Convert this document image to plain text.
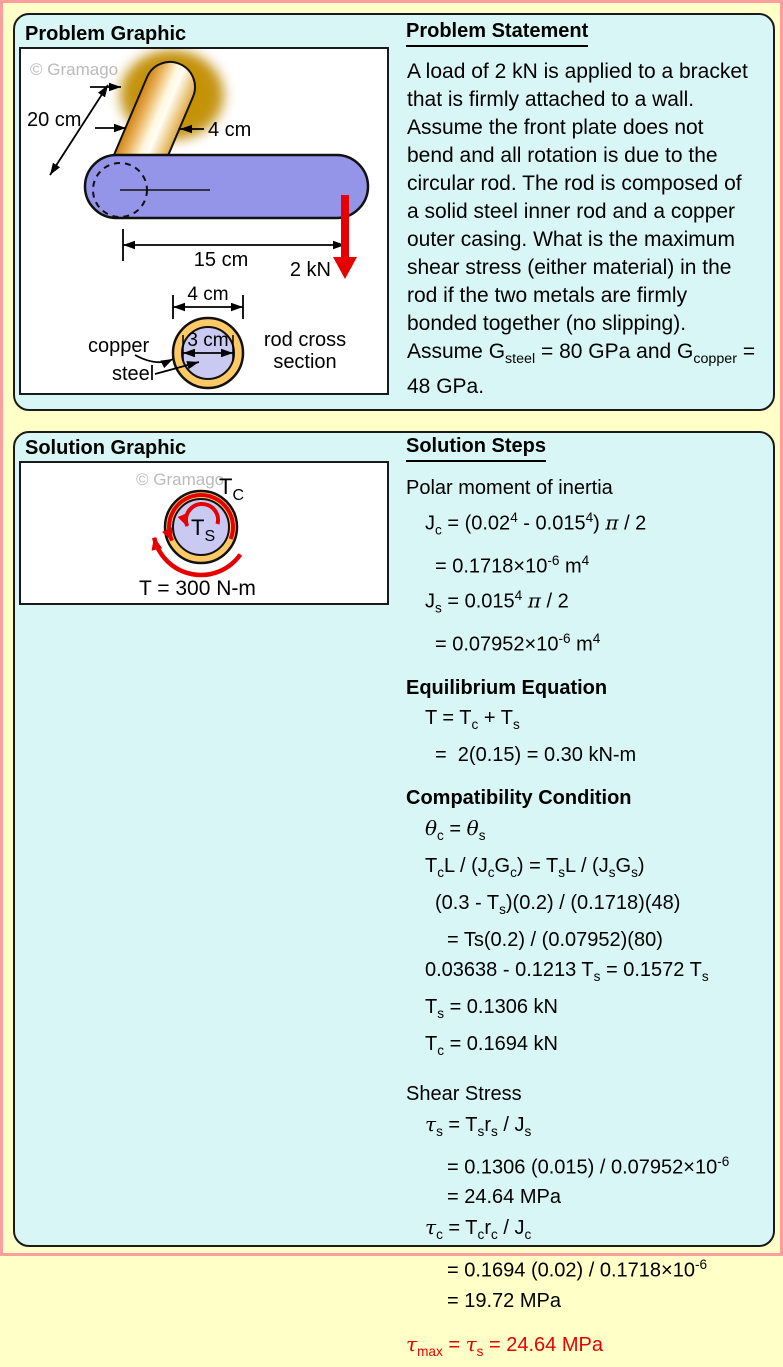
Problem Graphic
© Gramago
20 cm	4 cm
15 cm 2 kN
4 cm
3 cm rod cross
section
copper
steel
Problem Statement
A load of 2 kN is applied to a bracket
that is firmly attached to a wall.
Assume the front plate does not
bend and all rotation is due to the
circular rod. The rod is composed of
a solid steel inner rod and a copper
outer casing. What is the maximum
shear stress (either material) in the
rod if the two metals are firmly
bonded together (no slipping).
Assume $G_{steel} = 80$ GPa and $G_{copper}$ =
48 GPa.
Solution Graphic
© Gramago
$T_C$
$T_S$
T = 300 N-m
Solution Steps
Polar moment of inertia
$J_c = (0.02^4 - 0.015^4)$ π / 2
= $0.1718\times 10^{-6}$ $m^4$
$J_s = 0.015^4$ π / 2
= $0.07952\times 10^{-6}$ $m^4$
Equilibrium Equation
$T = T_c + T_s$
=  2(0.15) = 0.30 kN-m
Compatibility Condition
$\theta_c = \theta_s$
$T_cL / (J_cG_c) = T_sL / (J_sG_s)$
$(0.3 - T_s)(0.2) / (0.1718)(48)$
= Ts(0.2) / (0.07952)(80)
0.03638 - 0.1213 $T_s = 0.1572$ $T_s$
$T_s = 0.1306$ kN
$T_c = 0.1694$ kN
Shear Stress
$\tau_s = T_sr_s / J_s$
= 0.1306 $(0.015) / 0.07952\times 10^{-6}$
= 24.64 MPa
$\tau_c = T_cr_c / J_c$
= 0.1694 $(0.02) / 0.1718\times 10^{-6}$
= 19.72 MPa
$\tau_{max} = \tau_s = 24.64$ MPa
